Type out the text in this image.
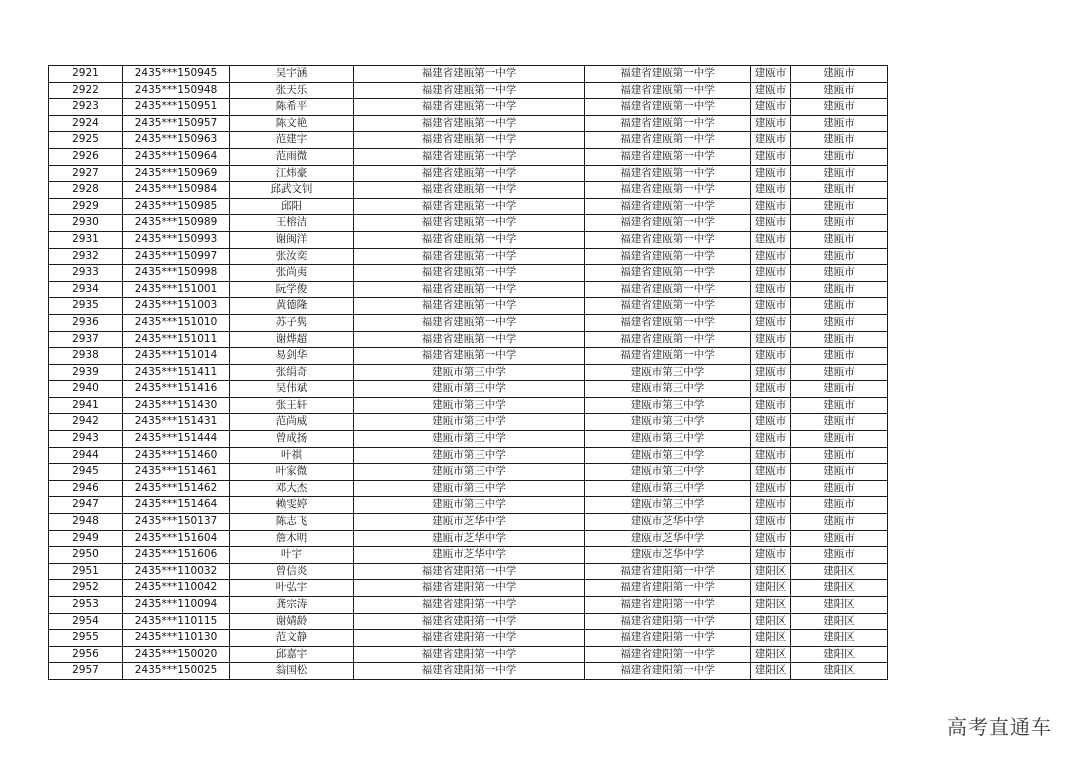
2921	2435***150945	吴宇涵	福建省建瓯第一中学	福建省建瓯第一中学	建瓯市	建瓯市
2922	2435***150948	张天乐	福建省建瓯第一中学	福建省建瓯第一中学	建瓯市	建瓯市
2923	2435***150951	陈希平	福建省建瓯第一中学	福建省建瓯第一中学	建瓯市	建瓯市
2924	2435***150957	陈文艳	福建省建瓯第一中学	福建省建瓯第一中学	建瓯市	建瓯市
2925	2435***150963	范建宇	福建省建瓯第一中学	福建省建瓯第一中学	建瓯市	建瓯市
2926	2435***150964	范雨微	福建省建瓯第一中学	福建省建瓯第一中学	建瓯市	建瓯市
2927	2435***150969	江炜豪	福建省建瓯第一中学	福建省建瓯第一中学	建瓯市	建瓯市
2928	2435***150984	邱武文钊	福建省建瓯第一中学	福建省建瓯第一中学	建瓯市	建瓯市
2929	2435***150985	邱阳	福建省建瓯第一中学	福建省建瓯第一中学	建瓯市	建瓯市
2930	2435***150989	王榕洁	福建省建瓯第一中学	福建省建瓯第一中学	建瓯市	建瓯市
2931	2435***150993	谢闽洋	福建省建瓯第一中学	福建省建瓯第一中学	建瓯市	建瓯市
2932	2435***150997	张汝奕	福建省建瓯第一中学	福建省建瓯第一中学	建瓯市	建瓯市
2933	2435***150998	张尚夷	福建省建瓯第一中学	福建省建瓯第一中学	建瓯市	建瓯市
2934	2435***151001	阮学俊	福建省建瓯第一中学	福建省建瓯第一中学	建瓯市	建瓯市
2935	2435***151003	黄德隆	福建省建瓯第一中学	福建省建瓯第一中学	建瓯市	建瓯市
2936	2435***151010	苏子隽	福建省建瓯第一中学	福建省建瓯第一中学	建瓯市	建瓯市
2937	2435***151011	谢烨超	福建省建瓯第一中学	福建省建瓯第一中学	建瓯市	建瓯市
2938	2435***151014	易剑华	福建省建瓯第一中学	福建省建瓯第一中学	建瓯市	建瓯市
2939	2435***151411	张绢奇	建瓯市第三中学	建瓯市第三中学	建瓯市	建瓯市
2940	2435***151416	吴伟斌	建瓯市第三中学	建瓯市第三中学	建瓯市	建瓯市
2941	2435***151430	张王轩	建瓯市第三中学	建瓯市第三中学	建瓯市	建瓯市
2942	2435***151431	范尚威	建瓯市第三中学	建瓯市第三中学	建瓯市	建瓯市
2943	2435***151444	曾成扬	建瓯市第三中学	建瓯市第三中学	建瓯市	建瓯市
2944	2435***151460	叶祺	建瓯市第三中学	建瓯市第三中学	建瓯市	建瓯市
2945	2435***151461	叶家微	建瓯市第三中学	建瓯市第三中学	建瓯市	建瓯市
2946	2435***151462	邓大杰	建瓯市第三中学	建瓯市第三中学	建瓯市	建瓯市
2947	2435***151464	赖雯婷	建瓯市第三中学	建瓯市第三中学	建瓯市	建瓯市
2948	2435***150137	陈志飞	建瓯市芝华中学	建瓯市芝华中学	建瓯市	建瓯市
2949	2435***151604	詹木明	建瓯市芝华中学	建瓯市芝华中学	建瓯市	建瓯市
2950	2435***151606	叶宇	建瓯市芝华中学	建瓯市芝华中学	建瓯市	建瓯市
2951	2435***110032	曾信炎	福建省建阳第一中学	福建省建阳第一中学	建阳区	建阳区
2952	2435***110042	叶弘宇	福建省建阳第一中学	福建省建阳第一中学	建阳区	建阳区
2953	2435***110094	龚宗涛	福建省建阳第一中学	福建省建阳第一中学	建阳区	建阳区
2954	2435***110115	谢婧龄	福建省建阳第一中学	福建省建阳第一中学	建阳区	建阳区
2955	2435***110130	范文静	福建省建阳第一中学	福建省建阳第一中学	建阳区	建阳区
2956	2435***150020	邱嘉宇	福建省建阳第一中学	福建省建阳第一中学	建阳区	建阳区
2957	2435***150025	翁国松	福建省建阳第一中学	福建省建阳第一中学	建阳区	建阳区
高考直通车
